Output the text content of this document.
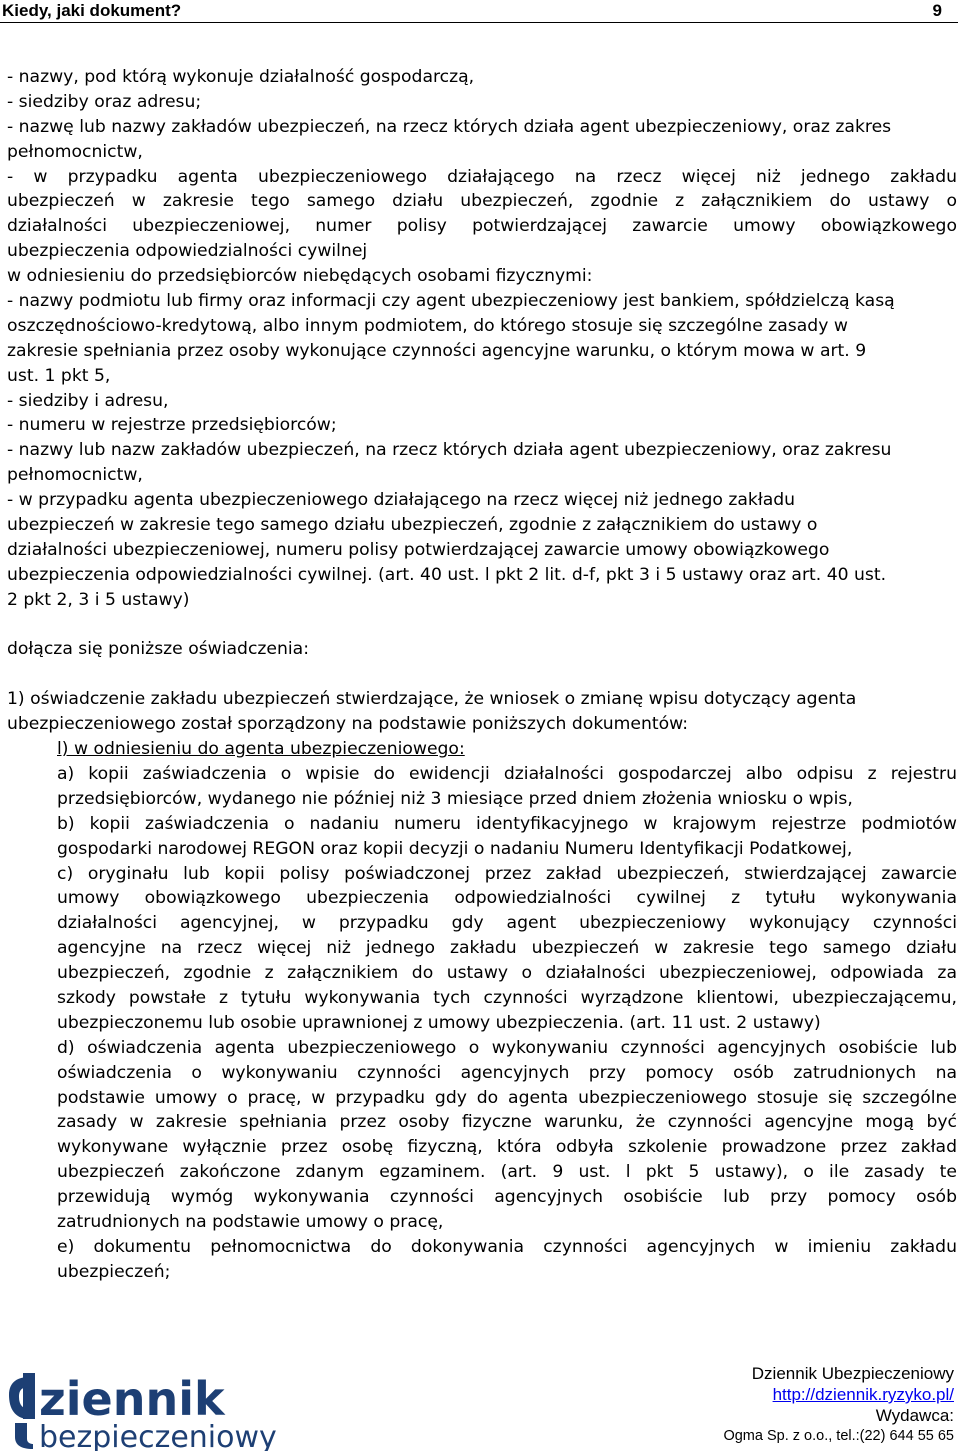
Kiedy, jaki dokument?	9
- nazwy, pod którą wykonuje działalność gospodarczą,
- siedziby oraz adresu;
- nazwę lub nazwy zakładów ubezpieczeń, na rzecz których działa agent ubezpieczeniowy, oraz zakres
pełnomocnictw,
- w przypadku agenta ubezpieczeniowego działającego na rzecz więcej niż jednego zakładu
ubezpieczeń w zakresie tego samego działu ubezpieczeń, zgodnie z załącznikiem do ustawy o
działalności ubezpieczeniowej, numer polisy potwierdzającej zawarcie umowy obowiązkowego
ubezpieczenia odpowiedzialności cywilnej
w odniesieniu do przedsiębiorców niebędących osobami fizycznymi:
- nazwy podmiotu lub firmy oraz informacji czy agent ubezpieczeniowy jest bankiem, spółdzielczą kasą
oszczędnościowo-kredytową, albo innym podmiotem, do którego stosuje się szczególne zasady w
zakresie spełniania przez osoby wykonujące czynności agencyjne warunku, o którym mowa w art. 9
ust. 1 pkt 5,
- siedziby i adresu,
- numeru w rejestrze przedsiębiorców;
- nazwy lub nazw zakładów ubezpieczeń, na rzecz których działa agent ubezpieczeniowy, oraz zakresu
pełnomocnictw,
- w przypadku agenta ubezpieczeniowego działającego na rzecz więcej niż jednego zakładu
ubezpieczeń w zakresie tego samego działu ubezpieczeń, zgodnie z załącznikiem do ustawy o
działalności ubezpieczeniowej, numeru polisy potwierdzającej zawarcie umowy obowiązkowego
ubezpieczenia odpowiedzialności cywilnej. (art. 40 ust. l pkt 2 lit. d-f, pkt 3 i 5 ustawy oraz art. 40 ust.
2 pkt 2, 3 i 5 ustawy)
dołącza się poniższe oświadczenia:
1) oświadczenie zakładu ubezpieczeń stwierdzające, że wniosek o zmianę wpisu dotyczący agenta
ubezpieczeniowego został sporządzony na podstawie poniższych dokumentów:
l) w odniesieniu do agenta ubezpieczeniowego:
a) kopii zaświadczenia o wpisie do ewidencji działalności gospodarczej albo odpisu z rejestru
przedsiębiorców, wydanego nie później niż 3 miesiące przed dniem złożenia wniosku o wpis,
b) kopii zaświadczenia o nadaniu numeru identyfikacyjnego w krajowym rejestrze podmiotów
gospodarki narodowej REGON oraz kopii decyzji o nadaniu Numeru Identyfikacji Podatkowej,
c) oryginału lub kopii polisy poświadczonej przez zakład ubezpieczeń, stwierdzającej zawarcie
umowy obowiązkowego ubezpieczenia odpowiedzialności cywilnej z tytułu wykonywania
działalności agencyjnej, w przypadku gdy agent ubezpieczeniowy wykonujący czynności
agencyjne na rzecz więcej niż jednego zakładu ubezpieczeń w zakresie tego samego działu
ubezpieczeń, zgodnie z załącznikiem do ustawy o działalności ubezpieczeniowej, odpowiada za
szkody powstałe z tytułu wykonywania tych czynności wyrządzone klientowi, ubezpieczającemu,
ubezpieczonemu lub osobie uprawnionej z umowy ubezpieczenia. (art. 11 ust. 2 ustawy)
d) oświadczenia agenta ubezpieczeniowego o wykonywaniu czynności agencyjnych osobiście lub
oświadczenia o wykonywaniu czynności agencyjnych przy pomocy osób zatrudnionych na
podstawie umowy o pracę, w przypadku gdy do agenta ubezpieczeniowego stosuje się szczególne
zasady w zakresie spełniania przez osoby fizyczne warunku, że czynności agencyjne mogą być
wykonywane wyłącznie przez osobę fizyczną, która odbyła szkolenie prowadzone przez zakład
ubezpieczeń zakończone zdanym egzaminem. (art. 9 ust. l pkt 5 ustawy), o ile zasady te
przewidują wymóg wykonywania czynności agencyjnych osobiście lub przy pomocy osób
zatrudnionych na podstawie umowy o pracę,
e) dokumentu pełnomocnictwa do dokonywania czynności agencyjnych w imieniu zakładu
ubezpieczeń;
ziennik
bezpieczeniowy
Dziennik Ubezpieczeniowy
http://dziennik.ryzyko.pl/
Wydawca:
Ogma Sp. z o.o., tel.:(22) 644 55 65
